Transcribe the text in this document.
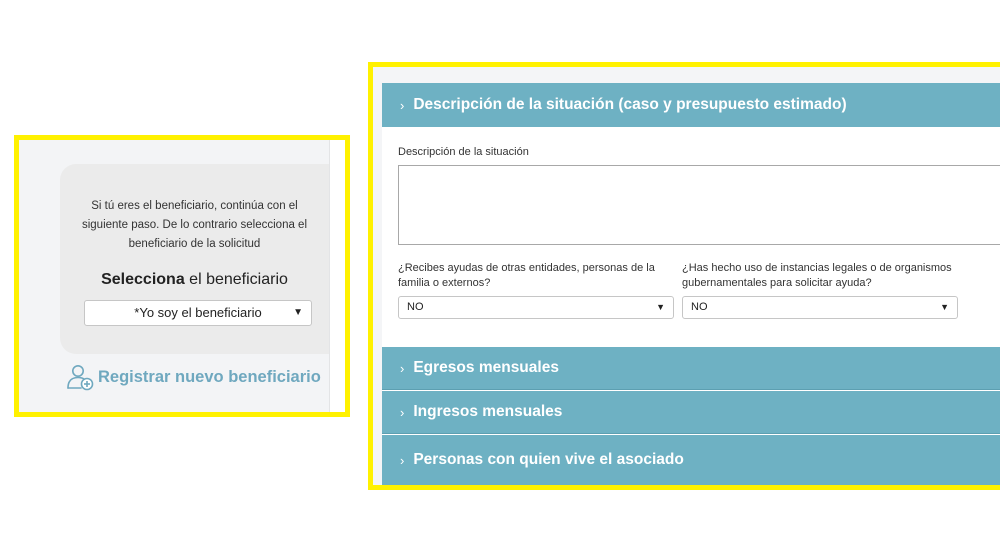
Si tú eres el beneficiario, continúa con el
siguiente paso. De lo contrario selecciona el
beneficiario de la solicitud
Selecciona el beneficiario
*Yo soy el beneficiario	▼
Registrar nuevo beneficiario
› Descripción de la situación (caso y presupuesto estimado)
Descripción de la situación
¿Recibes ayudas de otras entidades, personas de la familia o externos?
NO	▼
¿Has hecho uso de instancias legales o de organismos gubernamentales para solicitar ayuda?
NO	▼
› Egresos mensuales
› Ingresos mensuales
› Personas con quien vive el asociado
